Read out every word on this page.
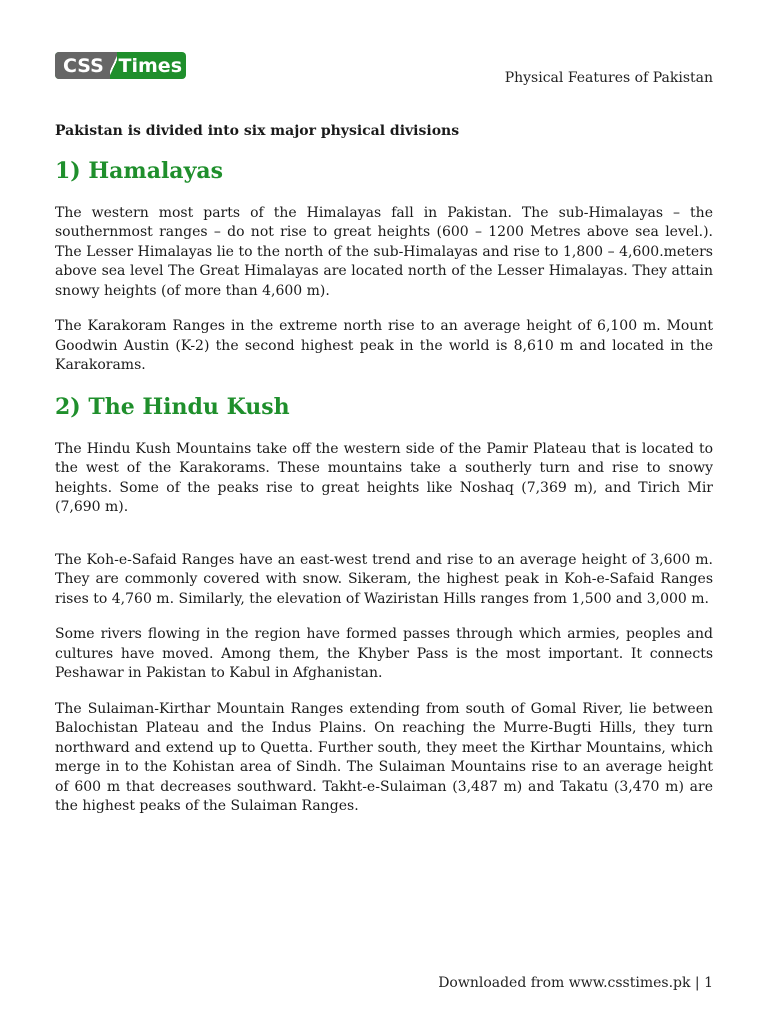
CSS Times
Physical Features of Pakistan

Pakistan is divided into six major physical divisions

1) Hamalayas

The western most parts of the Himalayas fall in Pakistan. The sub-Himalayas – the southernmost ranges – do not rise to great heights (600 – 1200 Metres above sea level.). The Lesser Himalayas lie to the north of the sub-Himalayas and rise to 1,800 – 4,600.meters above sea level The Great Himalayas are located north of the Lesser Himalayas. They attain snowy heights (of more than 4,600 m).

The Karakoram Ranges in the extreme north rise to an average height of 6,100 m. Mount Goodwin Austin (K-2) the second highest peak in the world is 8,610 m and located in the Karakorams.

2) The Hindu Kush

The Hindu Kush Mountains take off the western side of the Pamir Plateau that is located to the west of the Karakorams. These mountains take a southerly turn and rise to snowy heights. Some of the peaks rise to great heights like Noshaq (7,369 m), and Tirich Mir (7,690 m).

The Koh-e-Safaid Ranges have an east-west trend and rise to an average height of 3,600 m. They are commonly covered with snow. Sikeram, the highest peak in Koh-e-Safaid Ranges rises to 4,760 m. Similarly, the elevation of Waziristan Hills ranges from 1,500 and 3,000 m.

Some rivers flowing in the region have formed passes through which armies, peoples and cultures have moved. Among them, the Khyber Pass is the most important. It connects Peshawar in Pakistan to Kabul in Afghanistan.

The Sulaiman-Kirthar Mountain Ranges extending from south of Gomal River, lie between Balochistan Plateau and the Indus Plains. On reaching the Murre-Bugti Hills, they turn northward and extend up to Quetta. Further south, they meet the Kirthar Mountains, which merge in to the Kohistan area of Sindh. The Sulaiman Mountains rise to an average height of 600 m that decreases southward. Takht-e-Sulaiman (3,487 m) and Takatu (3,470 m) are the highest peaks of the Sulaiman Ranges.

Downloaded from www.csstimes.pk | 1
